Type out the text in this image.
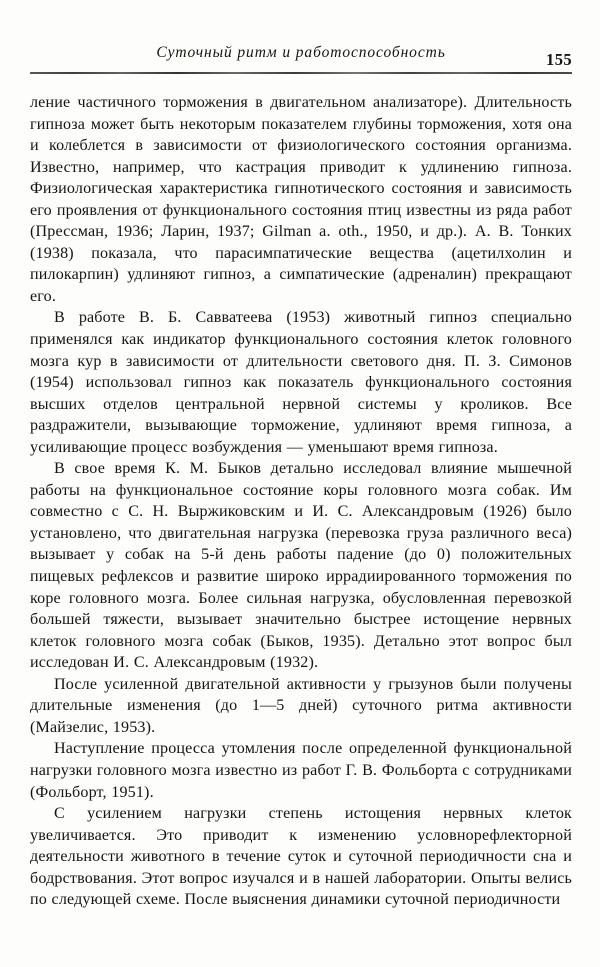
Суточный ритм и работоспособность	155

ление частичного торможения в двигательном анализаторе). Длительность гипноза может быть некоторым показателем глубины торможения, хотя она и колеблется в зависимости от физиологического состояния организма. Известно, например, что кастрация приводит к удлинению гипноза. Физиологическая характеристика гипнотического состояния и зависимость его проявления от функционального состояния птиц известны из ряда работ (Прессман, 1936; Ларин, 1937; Gilman a. oth., 1950, и др.). А. В. Тонких (1938) показала, что парасимпатические вещества (ацетилхолин и пилокарпин) удлиняют гипноз, а симпатические (адреналин) прекращают его.

В работе В. Б. Савватеева (1953) животный гипноз специально применялся как индикатор функционального состояния клеток головного мозга кур в зависимости от длительности светового дня. П. З. Симонов (1954) использовал гипноз как показатель функционального состояния высших отделов центральной нервной системы у кроликов. Все раздражители, вызывающие торможение, удлиняют время гипноза, а усиливающие процесс возбуждения — уменьшают время гипноза.

В свое время К. М. Быков детально исследовал влияние мышечной работы на функциональное состояние коры головного мозга собак. Им совместно с С. Н. Выржиковским и И. С. Александровым (1926) было установлено, что двигательная нагрузка (перевозка груза различного веса) вызывает у собак на 5-й день работы падение (до 0) положительных пищевых рефлексов и развитие широко иррадиированного торможения по коре головного мозга. Более сильная нагрузка, обусловленная перевозкой большей тяжести, вызывает значительно быстрее истощение нервных клеток головного мозга собак (Быков, 1935). Детально этот вопрос был исследован И. С. Александровым (1932).

После усиленной двигательной активности у грызунов были получены длительные изменения (до 1—5 дней) суточного ритма активности (Майзелис, 1953).

Наступление процесса утомления после определенной функциональной нагрузки головного мозга известно из работ Г. В. Фольборта с сотрудниками (Фольборт, 1951).

С усилением нагрузки степень истощения нервных клеток увеличивается. Это приводит к изменению условнорефлекторной деятельности животного в течение суток и суточной периодичности сна и бодрствования. Этот вопрос изучался и в нашей лаборатории. Опыты велись по следующей схеме. После выяснения динамики суточной периодичности
